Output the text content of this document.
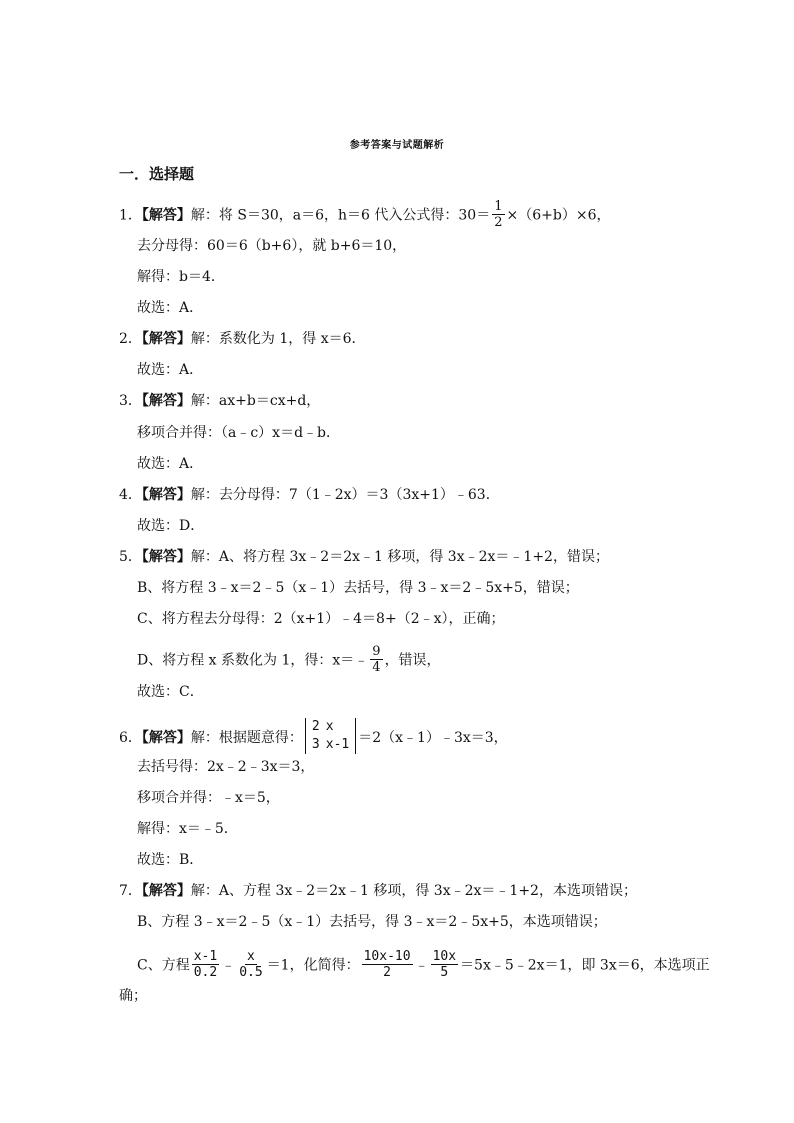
参考答案与试题解析
一．选择题
1．【解答】解：将 S＝30，a＝6，h＝6 代入公式得：$30= \frac{1}{2} \times(6+b)\times 6$，
去分母得：60＝6（b+6），就 b+6＝10，
解得：b＝4．
故选：A．
2．【解答】解：系数化为 1，得 x＝6．
故选：A．
3．【解答】解：ax+b＝cx+d，
移项合并得：（a﹣c）x＝d﹣b．
故选：A．
4．【解答】解：去分母得：7（1﹣2x）＝3（3x+1）﹣63．
故选：D．
5．【解答】解：A、将方程 3x﹣2＝2x﹣1 移项，得 3x﹣2x＝﹣1+2，错误；
B、将方程 3﹣x＝2﹣5（x﹣1）去括号，得 3﹣x＝2﹣5x+5，错误；
C、将方程去分母得：2（x+1）﹣4＝8+（2﹣x），正确；
D、将方程 x 系数化为 1，得：x＝﹣ $\frac{9}{4}$ ，错误，
故选：C．
6．【解答】解：根据题意得：
2
3
x
x-1 ＝2（x﹣1）﹣3x＝3，
去括号得：2x﹣2﹣3x＝3，
移项合并得：﹣x＝5，
解得：x＝﹣5．
故选：B．
7．【解答】解：A、方程 3x﹣2＝2x﹣1 移项，得 3x﹣2x＝﹣1+2，本选项错误；
B、方程 3﹣x＝2﹣5（x﹣1）去括号，得 3﹣x＝2﹣5x+5，本选项错误；
C、方程 $\frac{x-1}{0.2}$ ﹣ $\frac{x}{0.5} =1$，化简得： $\frac{10x-10}{2}$ ﹣ $\frac{10x}{5}$ ＝5x﹣5﹣2x＝1，即 3x＝6，本选项正
确；
